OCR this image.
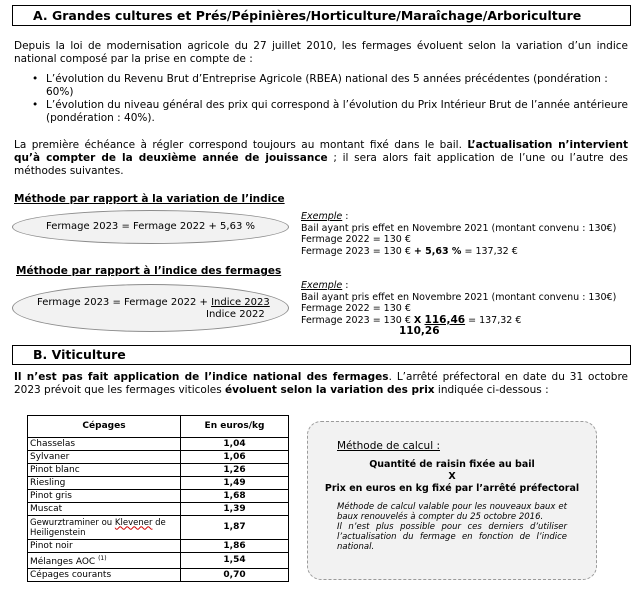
A. Grandes cultures et Prés/Pépinières/Horticulture/Maraîchage/Arboriculture
Depuis la loi de modernisation agricole du 27 juillet 2010, les fermages évoluent selon la variation d’un indice national composé par la prise en compte de :
• L’évolution du Revenu Brut d’Entreprise Agricole (RBEA) national des 5 années précédentes (pondération : 60%)
• L’évolution du niveau général des prix qui correspond à l’évolution du Prix Intérieur Brut de l’année antérieure (pondération : 40%).
La première échéance à régler correspond toujours au montant fixé dans le bail. L’actualisation n’intervient qu’à compter de la deuxième année de jouissance ; il sera alors fait application de l’une ou l’autre des méthodes suivantes.
Méthode par rapport à la variation de l’indice
Fermage 2023 = Fermage 2022 + 5,63 %
Exemple :
Bail ayant pris effet en Novembre 2021 (montant convenu : 130€)
Fermage 2022 = 130 €
Fermage 2023 = 130 € + 5,63 % = 137,32 €
Méthode par rapport à l’indice des fermages
Fermage 2023 = Fermage 2022 + Indice 2023
Indice 2022
Exemple :
Bail ayant pris effet en Novembre 2021 (montant convenu : 130€)
Fermage 2022 = 130 €
Fermage 2023 = 130 € X 116,46 = 137,32 €
110,26
B. Viticulture
Il n’est pas fait application de l’indice national des fermages. L’arrêté préfectoral en date du 31 octobre 2023 prévoit que les fermages viticoles évoluent selon la variation des prix indiquée ci-dessous :
Cépages	En euros/kg
Chasselas	1,04
Sylvaner	1,06
Pinot blanc	1,26
Riesling	1,49
Pinot gris	1,68
Muscat	1,39
Gewurztraminer ou Klevener de Heiligenstein	1,87
Pinot noir	1,86
Mélanges AOC $^{(1)}$	1,54
Cépages courants	0,70
Méthode de calcul :
Quantité de raisin fixée au bail
X
Prix en euros en kg fixé par l’arrêté préfectoral
Méthode de calcul valable pour les nouveaux baux et baux renouvelés à compter du 25 octobre 2016.
Il n’est plus possible pour ces derniers d’utiliser l’actualisation du fermage en fonction de l’indice national.
